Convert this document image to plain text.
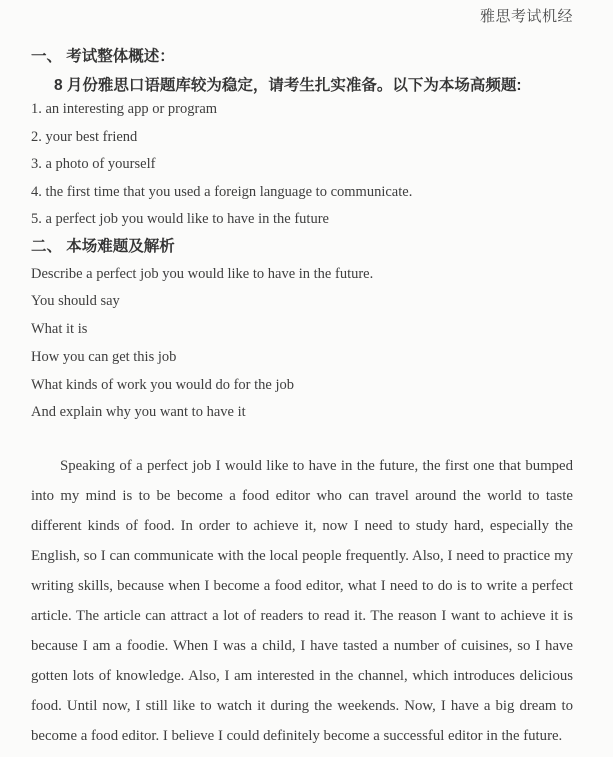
雅思考试机经
一、 考试整体概述：
8 月份雅思口语题库较为稳定，请考生扎实准备。以下为本场高频题:
1. an interesting app or program
2. your best friend
3. a photo of yourself
4. the first time that you used a foreign language to communicate.
5. a perfect job you would like to have in the future
二、 本场难题及解析
Describe a perfect job you would like to have in the future.
You should say
What it is
How you can get this job
What kinds of work you would do for the job
And explain why you want to have it

Speaking of a perfect job I would like to have in the future, the first one that bumped into my mind is to be become a food editor who can travel around the world to taste different kinds of food. In order to achieve it, now I need to study hard, especially the English, so I can communicate with the local people frequently. Also, I need to practice my writing skills, because when I become a food editor, what I need to do is to write a perfect article. The article can attract a lot of readers to read it. The reason I want to achieve it is because I am a foodie. When I was a child, I have tasted a number of cuisines, so I have gotten lots of knowledge. Also, I am interested in the channel, which introduces delicious food. Until now, I still like to watch it during the weekends. Now, I have a big dream to become a food editor. I believe I could definitely become a successful editor in the future.
